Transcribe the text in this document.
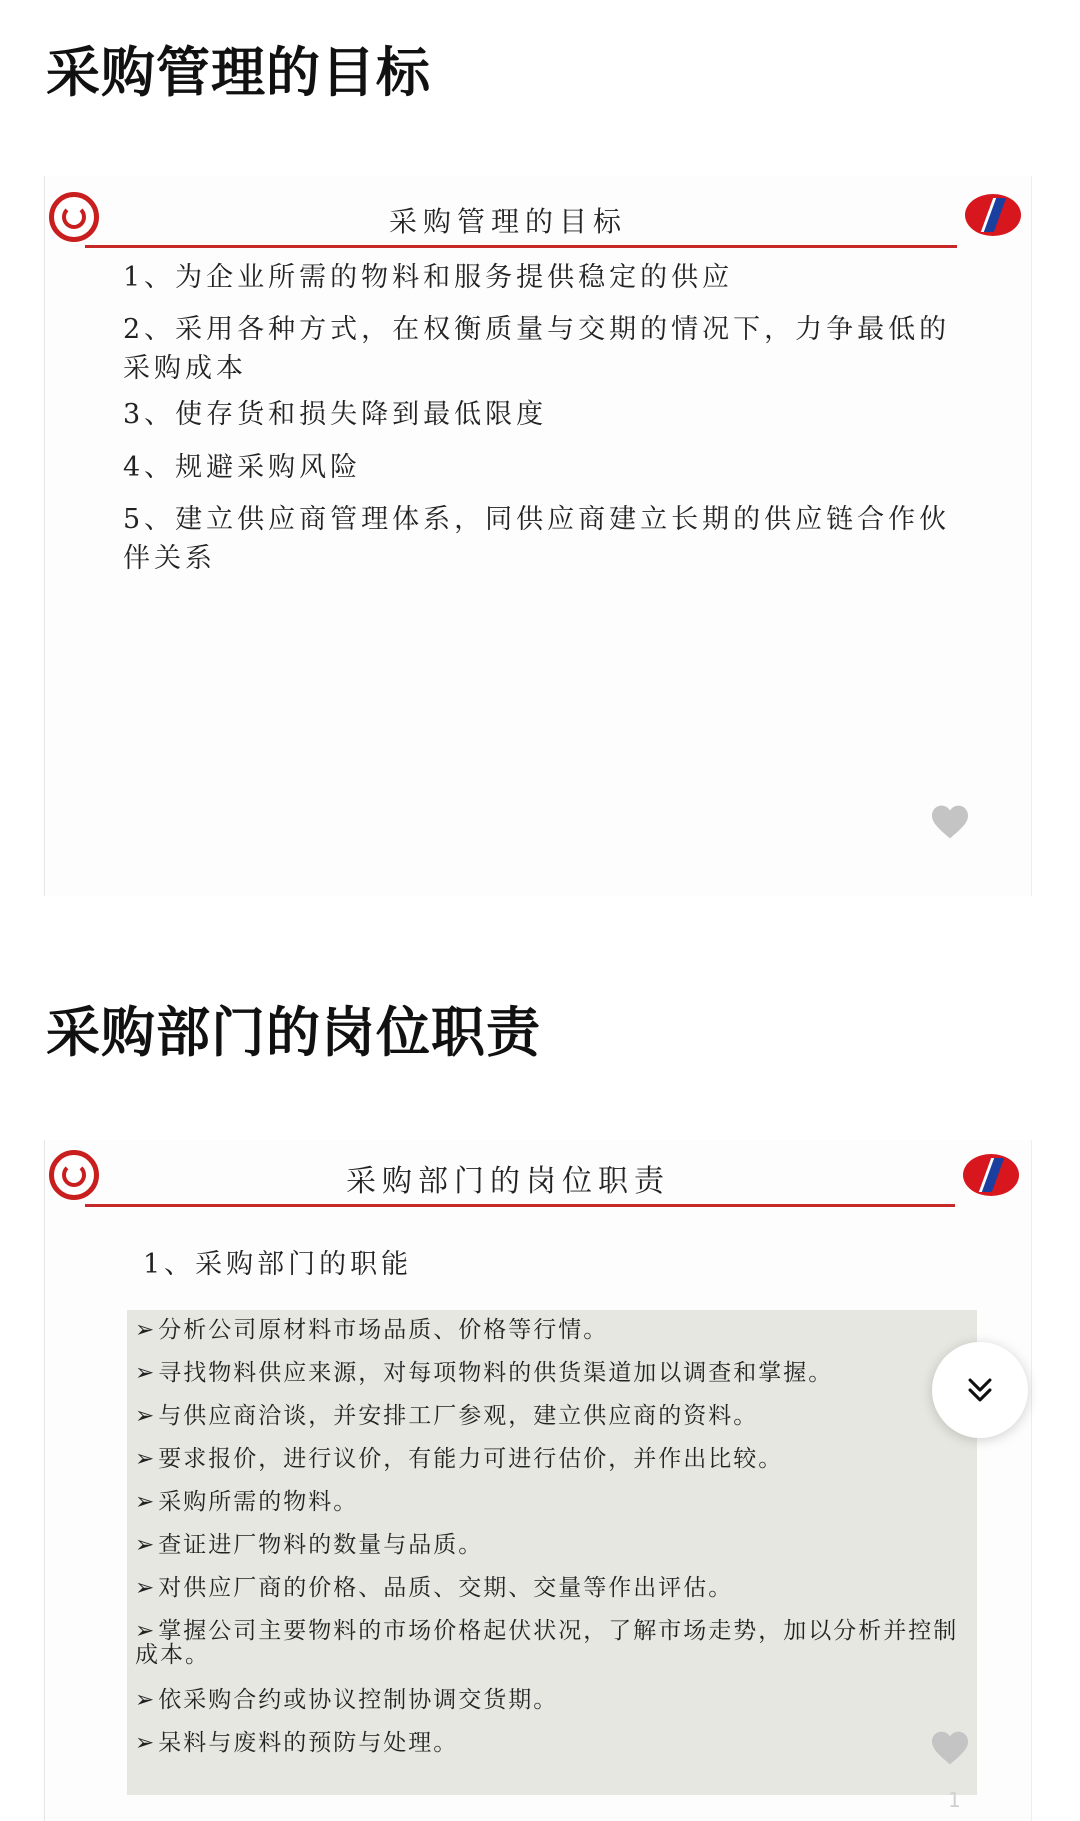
采购管理的目标
采购管理的目标
1、为企业所需的物料和服务提供稳定的供应
2、采用各种方式，在权衡质量与交期的情况下，力争最低的采购成本
3、使存货和损失降到最低限度
4、规避采购风险
5、建立供应商管理体系，同供应商建立长期的供应链合作伙伴关系
采购部门的岗位职责
采购部门的岗位职责
1、采购部门的职能
➢分析公司原材料市场品质、价格等行情。
➢寻找物料供应来源，对每项物料的供货渠道加以调查和掌握。
➢与供应商洽谈，并安排工厂参观，建立供应商的资料。
➢要求报价，进行议价，有能力可进行估价，并作出比较。
➢采购所需的物料。
➢查证进厂物料的数量与品质。
➢对供应厂商的价格、品质、交期、交量等作出评估。
➢掌握公司主要物料的市场价格起伏状况，了解市场走势，加以分析并控制成本。
➢依采购合约或协议控制协调交货期。
➢呆料与废料的预防与处理。
1
